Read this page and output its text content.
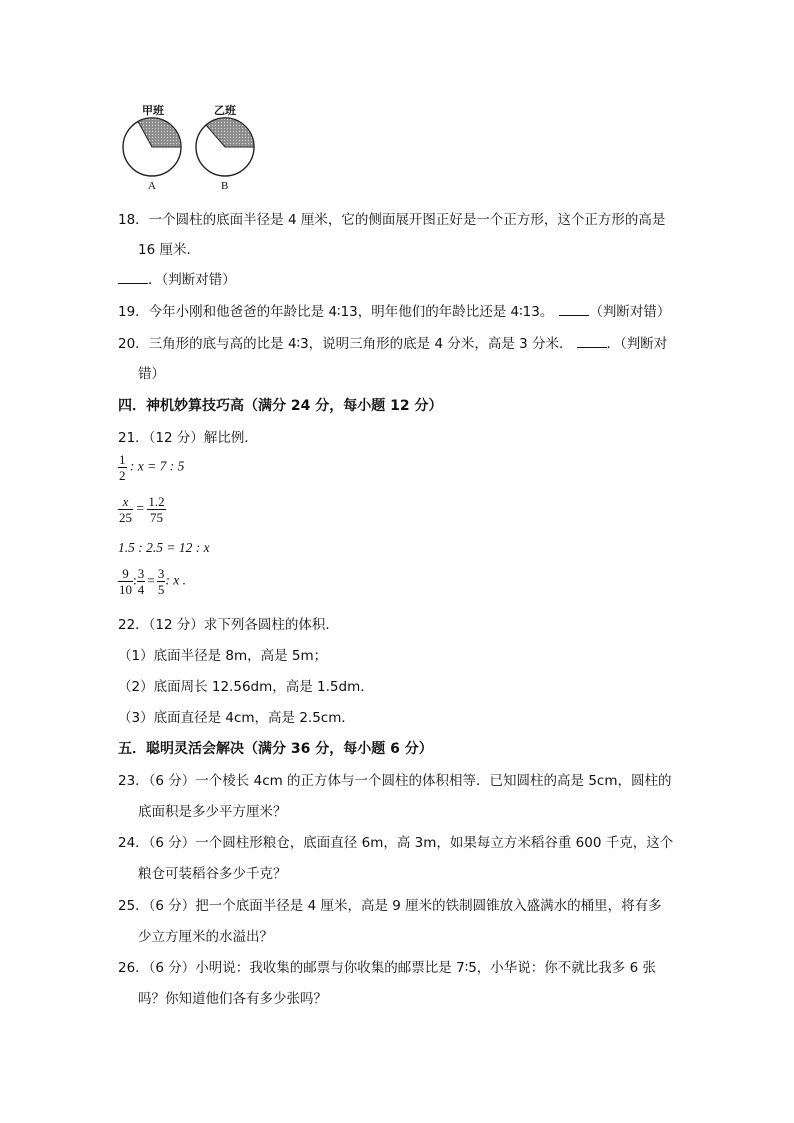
甲班	乙班
A	B
18．一个圆柱的底面半径是 4 厘米，它的侧面展开图正好是一个正方形，这个正方形的高是
16 厘米．
．（判断对错）
19．今年小刚和他爸爸的年龄比是 4∶13，明年他们的年龄比还是 4∶13。	（判断对错）
20．三角形的底与高的比是 4∶3，说明三角形的底是 4 分米，高是 3 分米．	．（判断对
错）
四．神机妙算技巧高（满分 24 分，每小题 12 分）
21．（12 分）解比例．
$\frac{1}{2}$ : x = 7 : 5
$\frac{x}{25} = \frac{1.2}{75}$
1.5 : 2.5 = 12 : x
$\frac{9}{10}$ : $\frac{3}{4} = \frac{3}{5}$ : x .
22．（12 分）求下列各圆柱的体积．
（1）底面半径是 8m，高是 5m；
（2）底面周长 12.56dm，高是 1.5dm．
（3）底面直径是 4cm，高是 2.5cm．
五．聪明灵活会解决（满分 36 分，每小题 6 分）
23．（6 分）一个棱长 4cm 的正方体与一个圆柱的体积相等．已知圆柱的高是 5cm，圆柱的
底面积是多少平方厘米？
24．（6 分）一个圆柱形粮仓，底面直径 6m，高 3m，如果每立方米稻谷重 600 千克，这个
粮仓可装稻谷多少千克？
25．（6 分）把一个底面半径是 4 厘米，高是 9 厘米的铁制圆锥放入盛满水的桶里，将有多
少立方厘米的水溢出？
26．（6 分）小明说：我收集的邮票与你收集的邮票比是 7∶5，小华说：你不就比我多 6 张
吗？你知道他们各有多少张吗？
